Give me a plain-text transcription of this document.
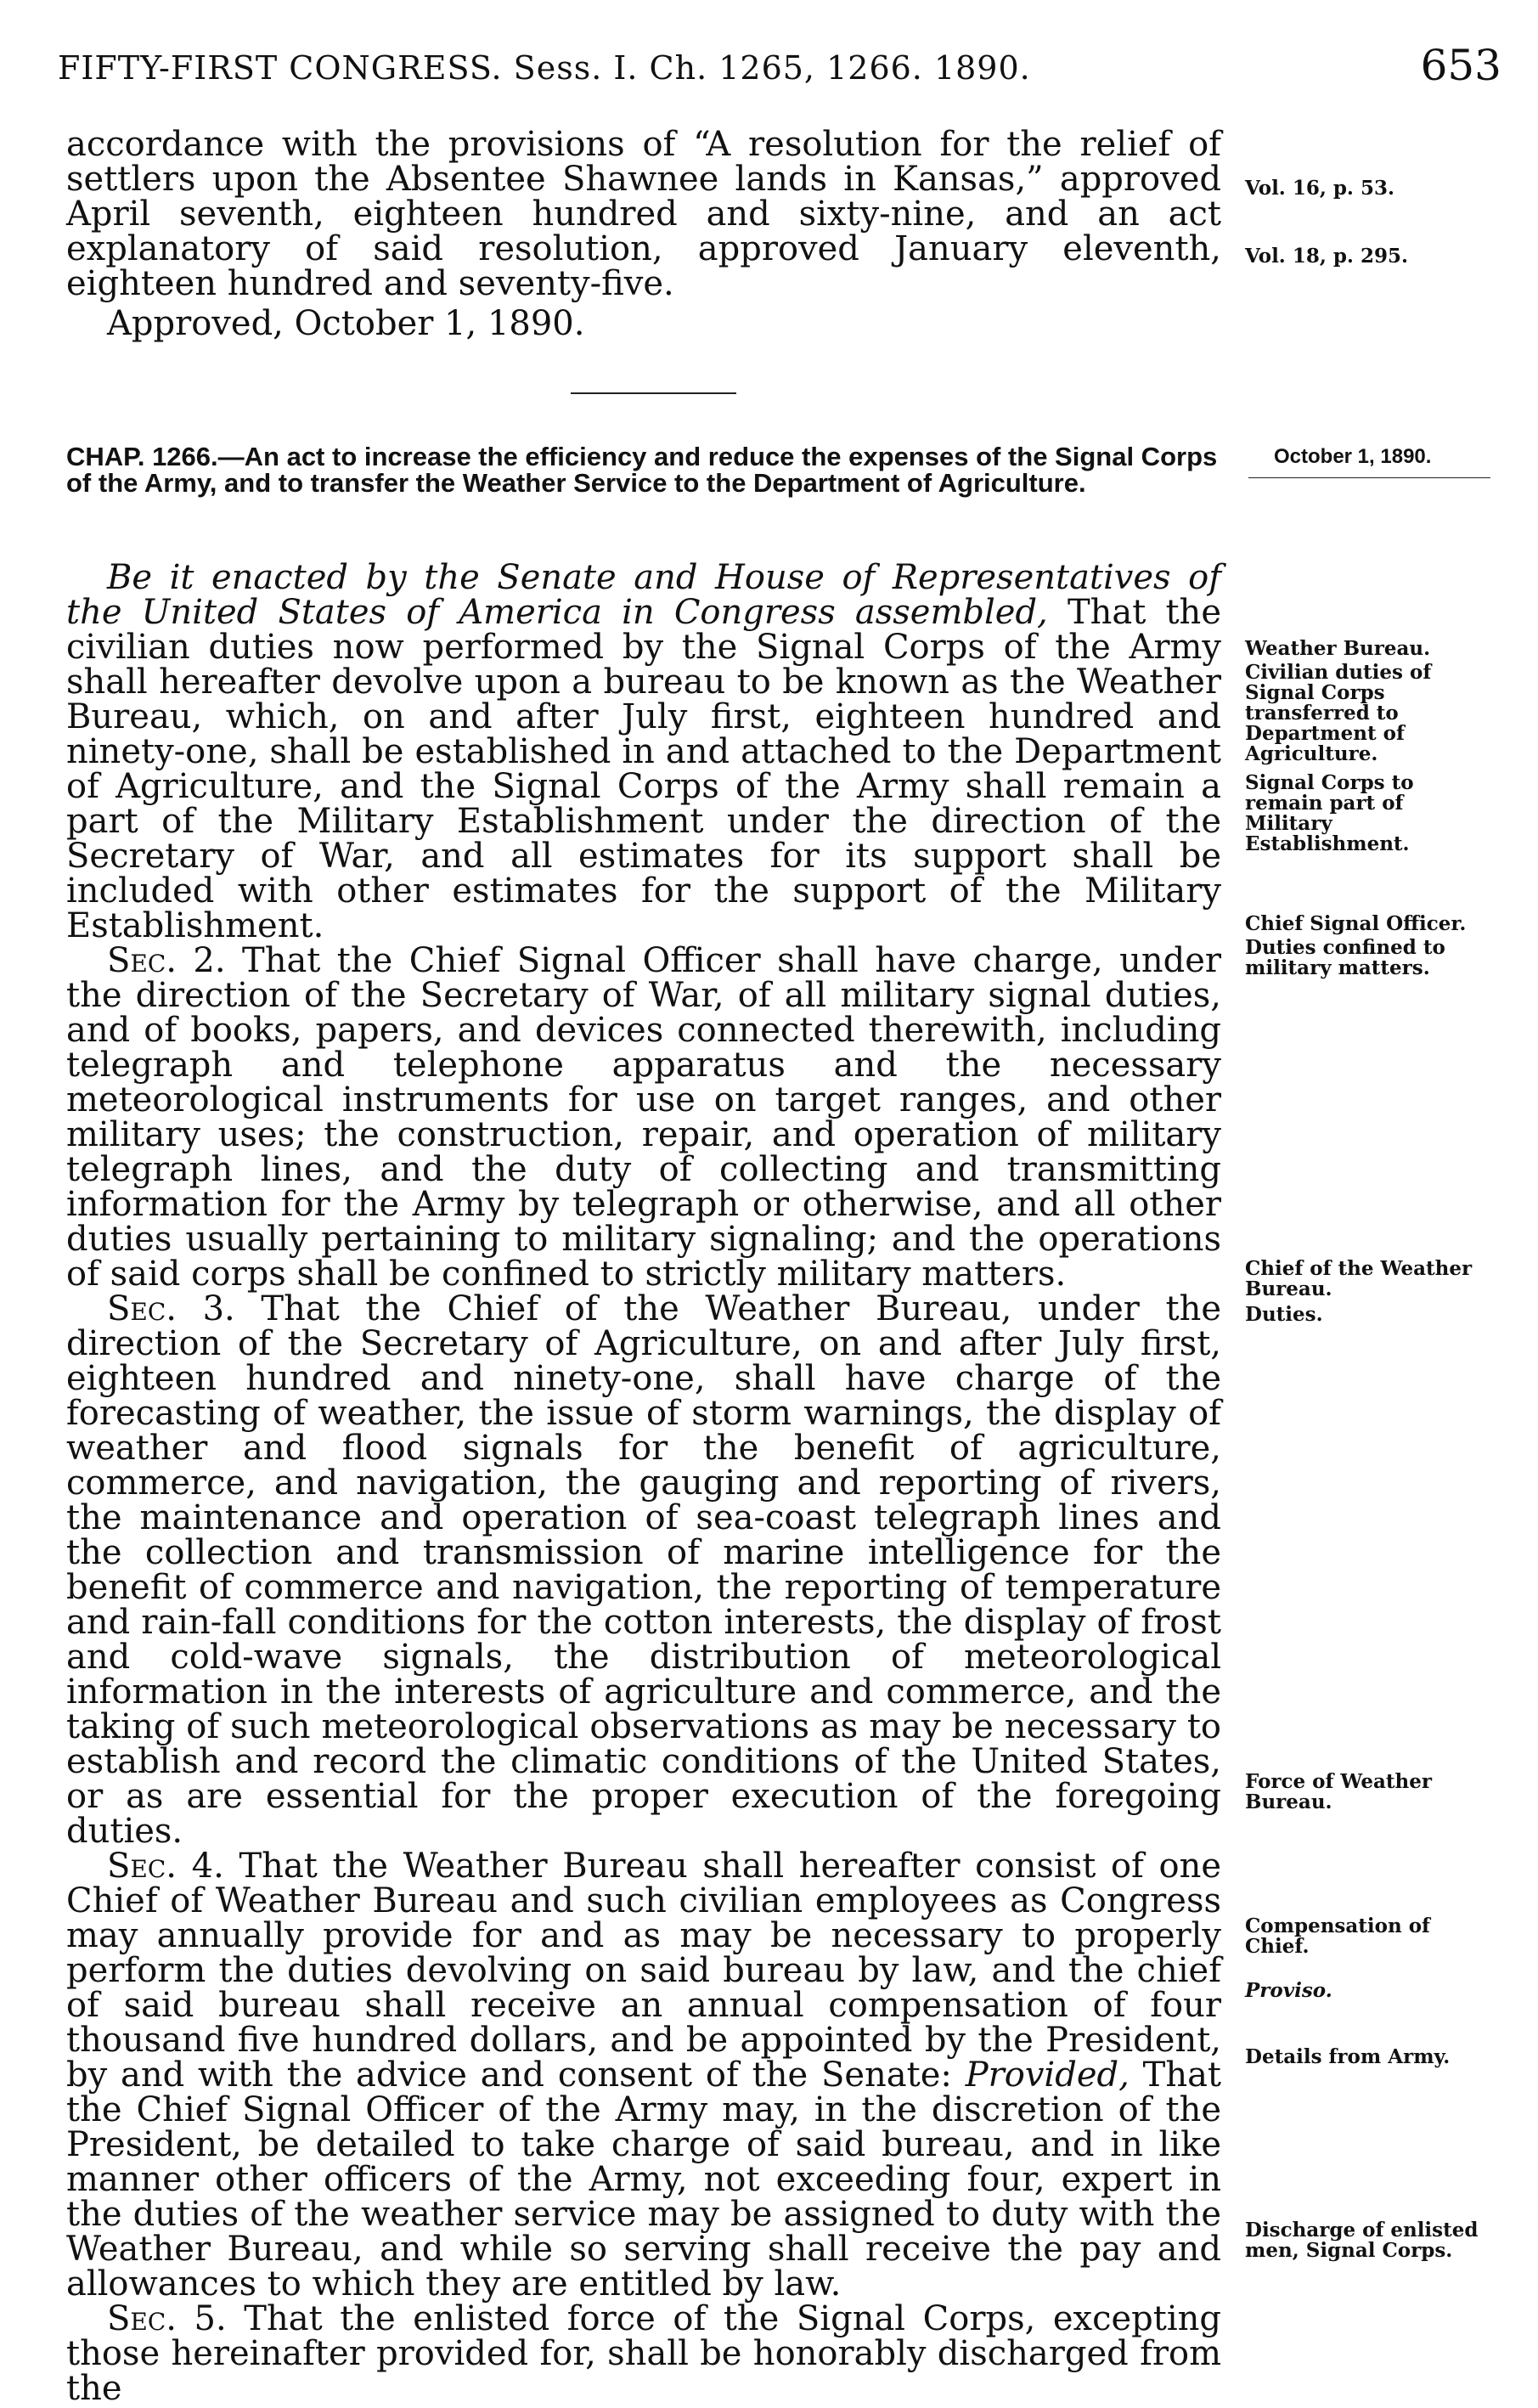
FIFTY-FIRST CONGRESS. Sess. I. Ch. 1265, 1266. 1890.	653

accordance with the provisions of “A resolution for the relief of settlers upon the Absentee Shawnee lands in Kansas,” approved April seventh, eighteen hundred and sixty-nine, and an act explanatory of said resolution, approved January eleventh, eighteen hundred and seventy-five.

Approved, October 1, 1890.

CHAP. 1266.—An act to increase the efficiency and reduce the expenses of the Signal Corps of the Army, and to transfer the Weather Service to the Department of Agriculture.

October 1, 1890.

Be it enacted by the Senate and House of Representatives of the United States of America in Congress assembled, That the civilian duties now performed by the Signal Corps of the Army shall hereafter devolve upon a bureau to be known as the Weather Bureau, which, on and after July first, eighteen hundred and ninety-one, shall be established in and attached to the Department of Agriculture, and the Signal Corps of the Army shall remain a part of the Military Establishment under the direction of the Secretary of War, and all estimates for its support shall be included with other estimates for the support of the Military Establishment.

Sec. 2. That the Chief Signal Officer shall have charge, under the direction of the Secretary of War, of all military signal duties, and of books, papers, and devices connected therewith, including telegraph and telephone apparatus and the necessary meteorological instruments for use on target ranges, and other military uses; the construction, repair, and operation of military telegraph lines, and the duty of collecting and transmitting information for the Army by telegraph or otherwise, and all other duties usually pertaining to military signaling; and the operations of said corps shall be confined to strictly military matters.

Sec. 3. That the Chief of the Weather Bureau, under the direction of the Secretary of Agriculture, on and after July first, eighteen hundred and ninety-one, shall have charge of the forecasting of weather, the issue of storm warnings, the display of weather and flood signals for the benefit of agriculture, commerce, and navigation, the gauging and reporting of rivers, the maintenance and operation of sea-coast telegraph lines and the collection and transmission of marine intelligence for the benefit of commerce and navigation, the reporting of temperature and rain-fall conditions for the cotton interests, the display of frost and cold-wave signals, the distribution of meteorological information in the interests of agriculture and commerce, and the taking of such meteorological observations as may be necessary to establish and record the climatic conditions of the United States, or as are essential for the proper execution of the foregoing duties.

Sec. 4. That the Weather Bureau shall hereafter consist of one Chief of Weather Bureau and such civilian employees as Congress may annually provide for and as may be necessary to properly perform the duties devolving on said bureau by law, and the chief of said bureau shall receive an annual compensation of four thousand five hundred dollars, and be appointed by the President, by and with the advice and consent of the Senate: Provided, That the Chief Signal Officer of the Army may, in the discretion of the President, be detailed to take charge of said bureau, and in like manner other officers of the Army, not exceeding four, expert in the duties of the weather service may be assigned to duty with the Weather Bureau, and while so serving shall receive the pay and allowances to which they are entitled by law.

Sec. 5. That the enlisted force of the Signal Corps, excepting those hereinafter provided for, shall be honorably discharged from the

Vol. 16, p. 53.

Vol. 18, p. 295.

Weather Bureau.

Civilian duties of Signal Corps transferred to Department of Agriculture.

Signal Corps to remain part of Military Establishment.

Chief Signal Officer.

Duties confined to military matters.

Chief of the Weather Bureau.

Duties.

Force of Weather Bureau.

Compensation of Chief.

Proviso.

Details from Army.

Discharge of enlisted men, Signal Corps.
